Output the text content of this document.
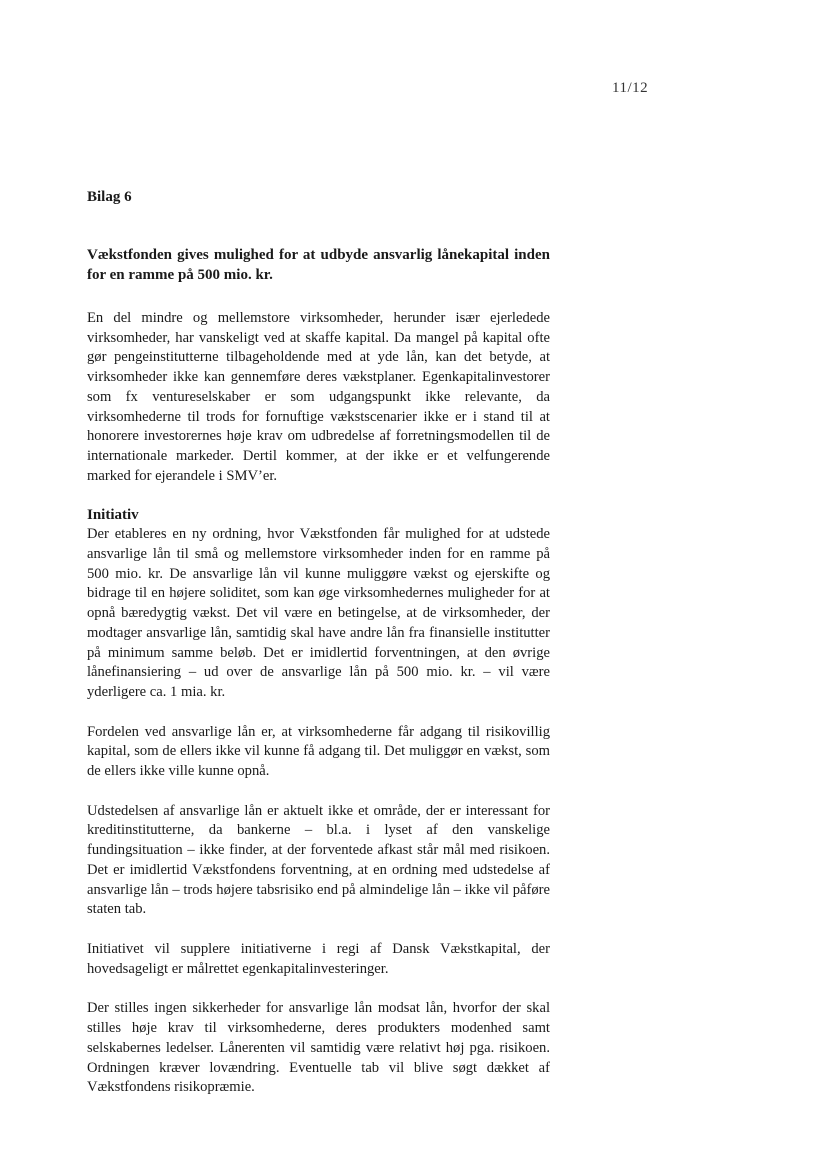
11/12

Bilag 6

Vækstfonden gives mulighed for at udbyde ansvarlig lånekapital inden for en ramme på 500 mio. kr.

En del mindre og mellemstore virksomheder, herunder især ejerledede virksomheder, har vanskeligt ved at skaffe kapital. Da mangel på kapital ofte gør pengeinstitutterne tilbageholdende med at yde lån, kan det betyde, at virksomheder ikke kan gennemføre deres vækstplaner. Egenkapitalinvestorer som fx ventureselskaber er som udgangspunkt ikke relevante, da virksomhederne til trods for fornuftige vækstscenarier ikke er i stand til at honorere investorernes høje krav om udbredelse af forretningsmodellen til de internationale markeder. Dertil kommer, at der ikke er et velfungerende marked for ejerandele i SMV’er.

Initiativ

Der etableres en ny ordning, hvor Vækstfonden får mulighed for at udstede ansvarlige lån til små og mellemstore virksomheder inden for en ramme på 500 mio. kr. De ansvarlige lån vil kunne muliggøre vækst og ejerskifte og bidrage til en højere soliditet, som kan øge virksomhedernes muligheder for at opnå bæredygtig vækst. Det vil være en betingelse, at de virksomheder, der modtager ansvarlige lån, samtidig skal have andre lån fra finansielle institutter på minimum samme beløb. Det er imidlertid forventningen, at den øvrige lånefinansiering – ud over de ansvarlige lån på 500 mio. kr. – vil være yderligere ca. 1 mia. kr.

Fordelen ved ansvarlige lån er, at virksomhederne får adgang til risikovillig kapital, som de ellers ikke vil kunne få adgang til. Det muliggør en vækst, som de ellers ikke ville kunne opnå.

Udstedelsen af ansvarlige lån er aktuelt ikke et område, der er interessant for kreditinstitutterne, da bankerne – bl.a. i lyset af den vanskelige fundingsituation – ikke finder, at der forventede afkast står mål med risikoen. Det er imidlertid Vækstfondens forventning, at en ordning med udstedelse af ansvarlige lån – trods højere tabsrisiko end på almindelige lån – ikke vil påføre staten tab.

Initiativet vil supplere initiativerne i regi af Dansk Vækstkapital, der hovedsageligt er målrettet egenkapitalinvesteringer.

Der stilles ingen sikkerheder for ansvarlige lån modsat lån, hvorfor der skal stilles høje krav til virksomhederne, deres produkters modenhed samt selskabernes ledelser. Lånerenten vil samtidig være relativt høj pga. risikoen. Ordningen kræver lovændring. Eventuelle tab vil blive søgt dækket af Vækstfondens risikopræmie.
